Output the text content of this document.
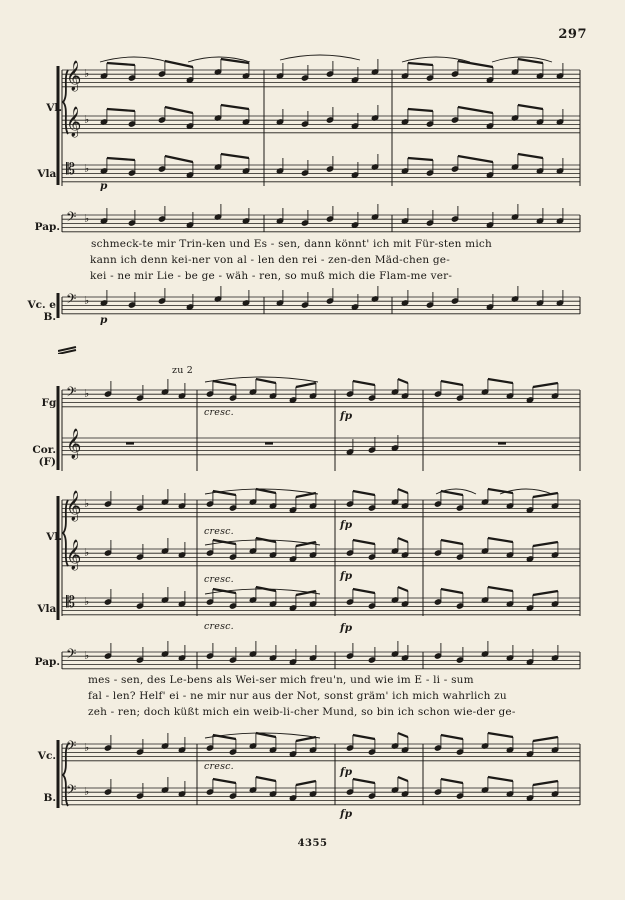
297
Vl.
Vla.
Pap.
Vc. e B.
p
p
schmeck-te mir Trin-ken und Es - sen, dann könnt' ich mit Für-sten mich
kann ich denn kei-ner von al - len den rei - zen-den Mäd-chen ge-
kei - ne mir Lie - be ge - wäh - ren, so muß mich die Flam-me ver-
Fg.
Cor.
(F)
Vl.
Vla.
Pap.
Vc.
B.
zu 2
cresc.
cresc.
cresc.
cresc.
cresc.
fp
fp
fp
fp
fp
fp
mes - sen, des Le-bens als Wei-ser mich freu'n, und wie im E - li - sum
fal - len? Helf' ei - ne mir nur aus der Not, sonst gräm' ich mich wahrlich zu
zeh - ren; doch küßt mich ein weib-li-cher Mund, so bin ich schon wie-der ge-
4355
𝄞 ♭
𝄞 ♭
𝄡 ♭
𝄢 ♭
𝄢 ♭
𝄢 ♭
𝄞
𝄞 ♭
𝄞 ♭
𝄡 ♭
𝄢 ♭
𝄢 ♭
𝄢 ♭
